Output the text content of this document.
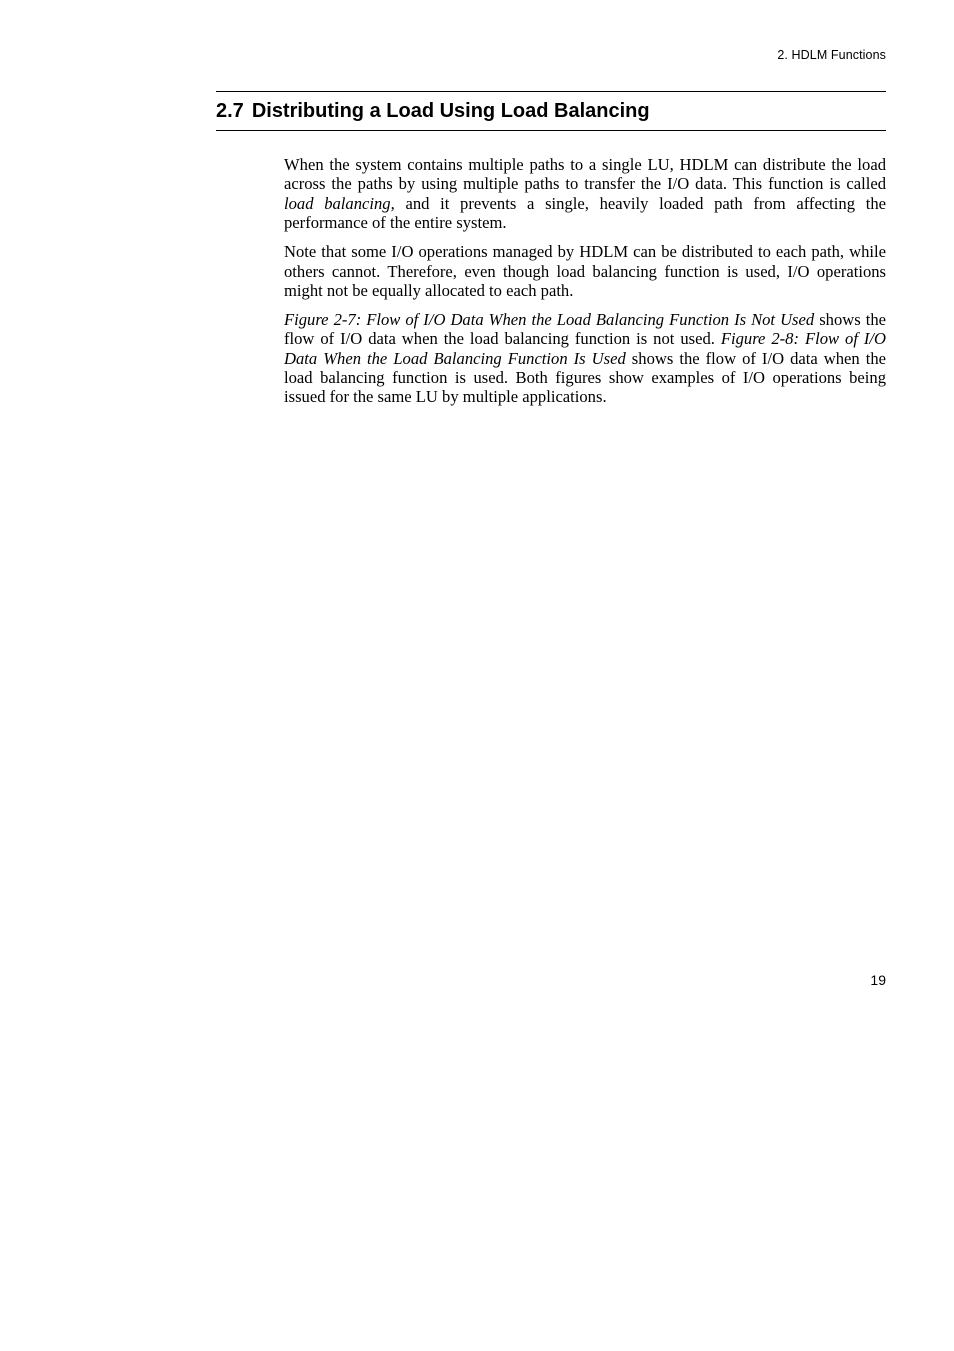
2. HDLM Functions
2.7 Distributing a Load Using Load Balancing

When the system contains multiple paths to a single LU, HDLM can distribute the load across the paths by using multiple paths to transfer the I/O data. This function is called load balancing, and it prevents a single, heavily loaded path from affecting the performance of the entire system.

Note that some I/O operations managed by HDLM can be distributed to each path, while others cannot. Therefore, even though load balancing function is used, I/O operations might not be equally allocated to each path.

Figure 2-7: Flow of I/O Data When the Load Balancing Function Is Not Used shows the flow of I/O data when the load balancing function is not used. Figure 2-8: Flow of I/O Data When the Load Balancing Function Is Used shows the flow of I/O data when the load balancing function is used. Both figures show examples of I/O operations being issued for the same LU by multiple applications.

19
